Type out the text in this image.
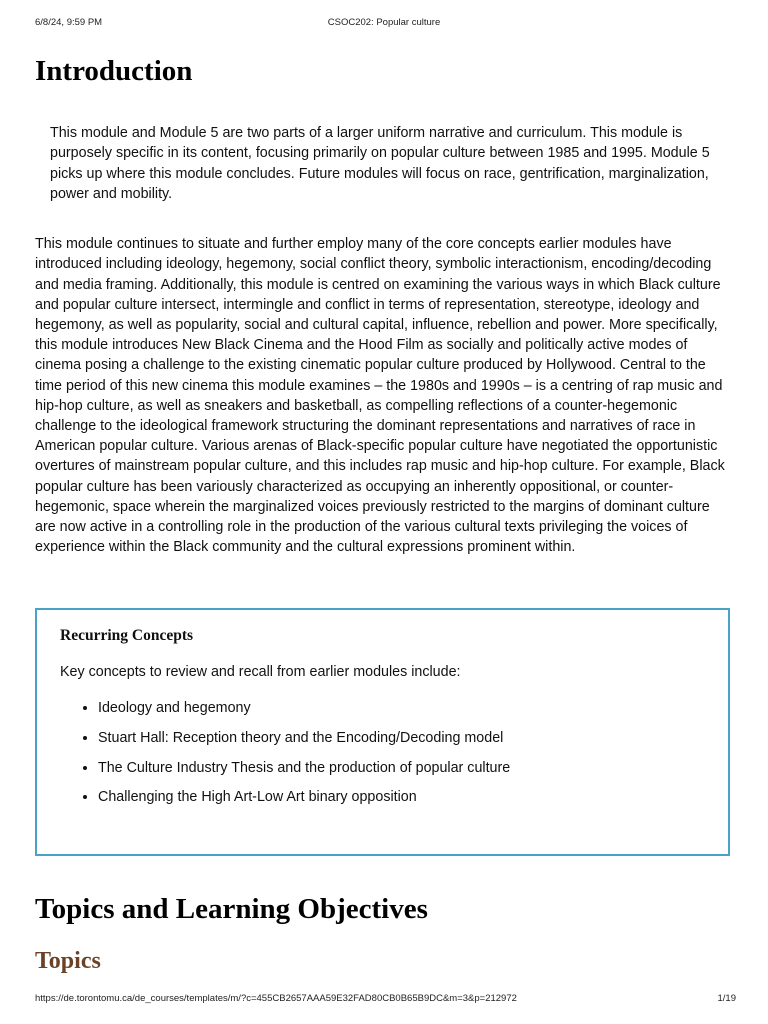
6/8/24, 9:59 PM	CSOC202: Popular culture
Introduction

This module and Module 5 are two parts of a larger uniform narrative and curriculum. This module is purposely specific in its content, focusing primarily on popular culture between 1985 and 1995. Module 5 picks up where this module concludes. Future modules will focus on race, gentrification, marginalization, power and mobility.

This module continues to situate and further employ many of the core concepts earlier modules have introduced including ideology, hegemony, social conflict theory, symbolic interactionism, encoding/decoding and media framing. Additionally, this module is centred on examining the various ways in which Black culture and popular culture intersect, intermingle and conflict in terms of representation, stereotype, ideology and hegemony, as well as popularity, social and cultural capital, influence, rebellion and power. More specifically, this module introduces New Black Cinema and the Hood Film as socially and politically active modes of cinema posing a challenge to the existing cinematic popular culture produced by Hollywood. Central to the time period of this new cinema this module examines – the 1980s and 1990s – is a centring of rap music and hip-hop culture, as well as sneakers and basketball, as compelling reflections of a counter-hegemonic challenge to the ideological framework structuring the dominant representations and narratives of race in American popular culture. Various arenas of Black-specific popular culture have negotiated the opportunistic overtures of mainstream popular culture, and this includes rap music and hip-hop culture. For example, Black popular culture has been variously characterized as occupying an inherently oppositional, or counter-hegemonic, space wherein the marginalized voices previously restricted to the margins of dominant culture are now active in a controlling role in the production of the various cultural texts privileging the voices of experience within the Black community and the cultural expressions prominent within.

Recurring Concepts

Key concepts to review and recall from earlier modules include:

• Ideology and hegemony
• Stuart Hall: Reception theory and the Encoding/Decoding model
• The Culture Industry Thesis and the production of popular culture
• Challenging the High Art-Low Art binary opposition
Topics and Learning Objectives
Topics
https://de.torontomu.ca/de_courses/templates/m/?c=455CB2657AAA59E32FAD80CB0B65B9DC&m=3&p=212972	1/19
